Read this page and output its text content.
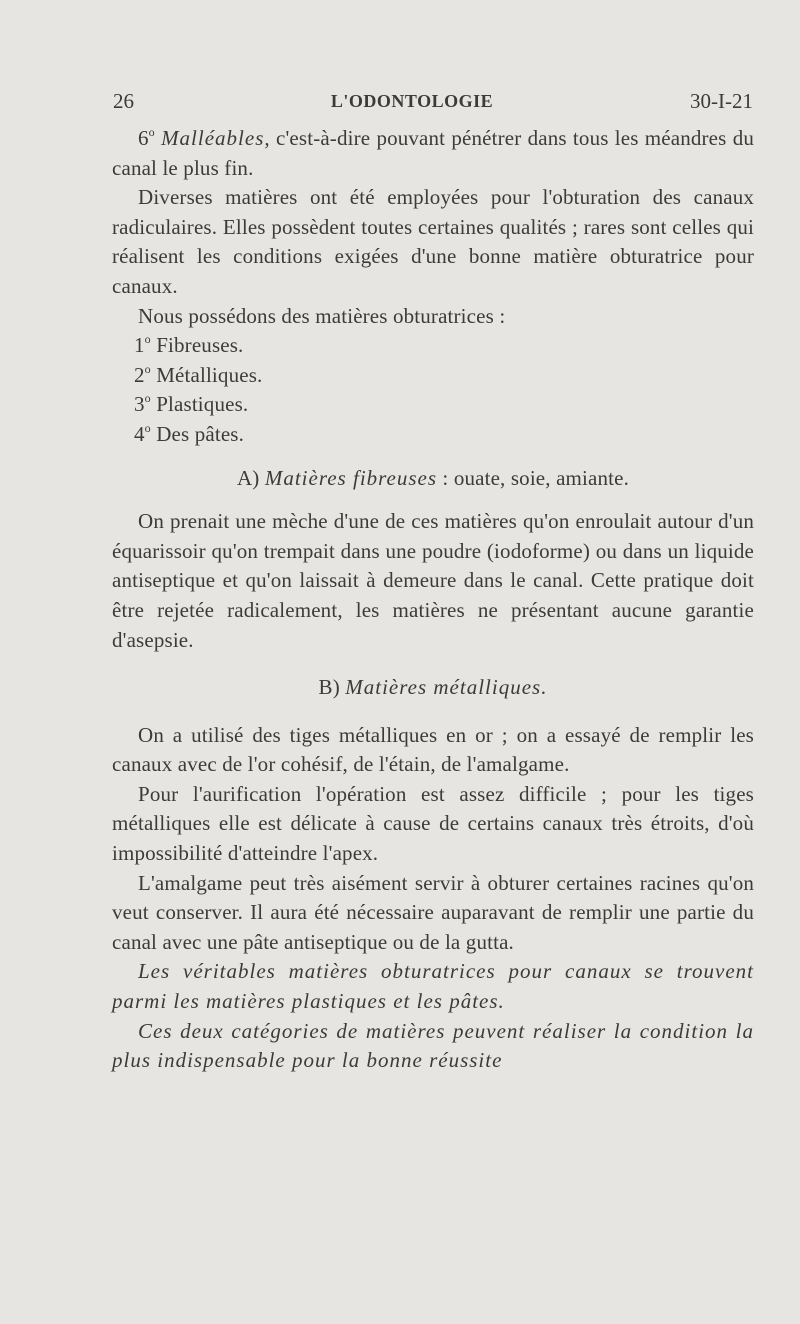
26	L'ODONTOLOGIE	30-I-21

6$^o$ Malléables, c'est-à-dire pouvant pénétrer dans tous les méandres du canal le plus fin.

Diverses matières ont été employées pour l'obturation des canaux radiculaires. Elles possèdent toutes certaines qualités ; rares sont celles qui réalisent les conditions exigées d'une bonne matière obturatrice pour canaux.

Nous possédons des matières obturatrices :

1$^o$ Fibreuses.

2$^o$ Métalliques.

3$^o$ Plastiques.

4$^o$ Des pâtes.

A) Matières fibreuses : ouate, soie, amiante.

On prenait une mèche d'une de ces matières qu'on enroulait autour d'un équarissoir qu'on trempait dans une poudre (iodoforme) ou dans un liquide antiseptique et qu'on laissait à demeure dans le canal. Cette pratique doit être rejetée radicalement, les matières ne présentant aucune garantie d'asepsie.

B) Matières métalliques.

On a utilisé des tiges métalliques en or ; on a essayé de remplir les canaux avec de l'or cohésif, de l'étain, de l'amalgame.

Pour l'aurification l'opération est assez difficile ; pour les tiges métalliques elle est délicate à cause de certains canaux très étroits, d'où impossibilité d'atteindre l'apex.

L'amalgame peut très aisément servir à obturer certaines racines qu'on veut conserver. Il aura été nécessaire auparavant de remplir une partie du canal avec une pâte antiseptique ou de la gutta.

Les véritables matières obturatrices pour canaux se trouvent parmi les matières plastiques et les pâtes.

Ces deux catégories de matières peuvent réaliser la condition la plus indispensable pour la bonne réussite
